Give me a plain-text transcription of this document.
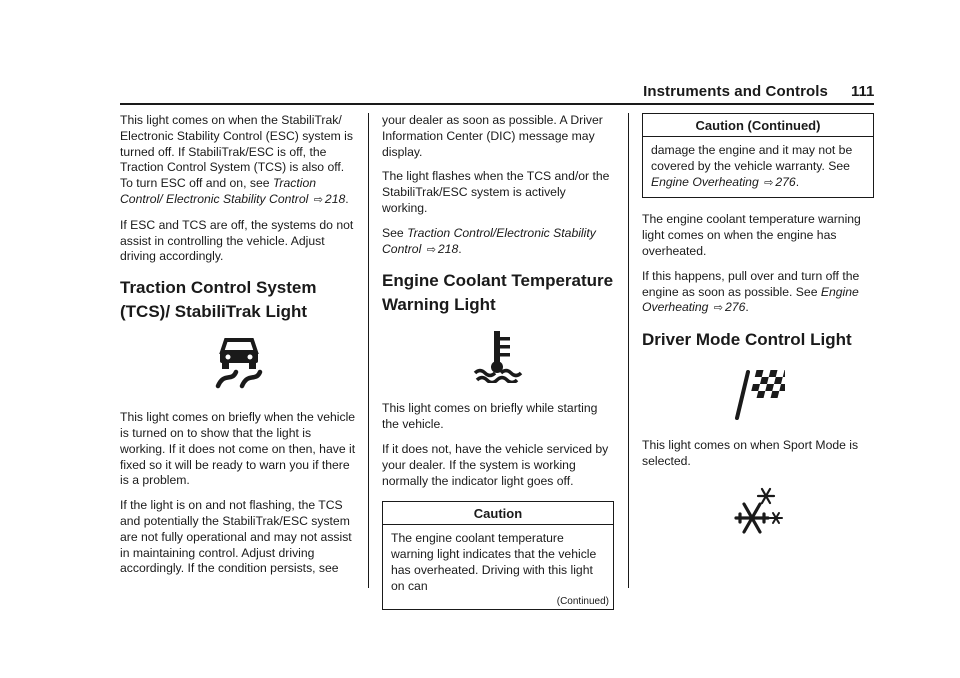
Instruments and Controls 111

This light comes on when the StabiliTrak/ Electronic Stability Control (ESC) system is turned off. If StabiliTrak/ESC is off, the Traction Control System (TCS) is also off. To turn ESC off and on, see Traction Control/ Electronic Stability Control ⇨ 218.

If ESC and TCS are off, the systems do not assist in controlling the vehicle. Adjust driving accordingly.

Traction Control System (TCS)/ StabiliTrak Light

This light comes on briefly when the vehicle is turned on to show that the light is working. If it does not come on then, have it fixed so it will be ready to warn you if there is a problem.

If the light is on and not flashing, the TCS and potentially the StabiliTrak/ESC system are not fully operational and may not assist in maintaining control. Adjust driving accordingly. If the condition persists, see

your dealer as soon as possible. A Driver Information Center (DIC) message may display.

The light flashes when the TCS and/or the StabiliTrak/ESC system is actively working.

See Traction Control/Electronic Stability Control ⇨ 218.

Engine Coolant Temperature Warning Light

This light comes on briefly while starting the vehicle.

If it does not, have the vehicle serviced by your dealer. If the system is working normally the indicator light goes off.

Caution

The engine coolant temperature warning light indicates that the vehicle has overheated. Driving with this light on can

(Continued)
Caution (Continued)

damage the engine and it may not be covered by the vehicle warranty. See Engine Overheating ⇨ 276.

The engine coolant temperature warning light comes on when the engine has overheated.

If this happens, pull over and turn off the engine as soon as possible. See Engine Overheating ⇨ 276.

Driver Mode Control Light

This light comes on when Sport Mode is selected.
